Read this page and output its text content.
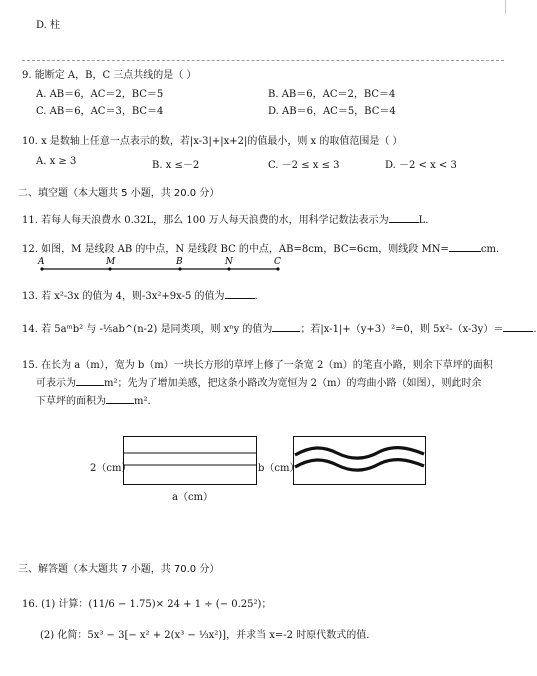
D. 柱
9. 能断定 A，B，C 三点共线的是（ ）
A. AB＝6，AC＝2，BC＝5	B. AB＝6，AC＝2，BC＝4
C. AB＝6，AC＝3，BC＝4	D. AB＝6，AC＝5，BC＝4
10. x 是数轴上任意一点表示的数，若|x-3|+|x+2|的值最小，则 x 的取值范围是（ ）
A. x ≥ 3	B. x ≤－2	C. －2 ≤ x ≤ 3	D. －2 < x < 3
二、填空题（本大题共 5 小题，共 20.0 分）
11. 若每人每天浪费水 0.32L，那么 100 万人每天浪费的水，用科学记数法表示为	L.
12. 如图，M 是线段 AB 的中点，N 是线段 BC 的中点，AB=8cm，BC=6cm，则线段 MN=	cm.
A	M	B	N	C
13. 若 x²-3x 的值为 4，则-3x²+9x-5 的值为	.
14. 若 5aᵐb² 与 -⅕ab^(n-2) 是同类项，则 xⁿy 的值为	；若|x-1|+（y+3）²=0，则 5x²-（x-3y）＝	.
15. 在长为 a（m），宽为 b（m）一块长方形的草坪上修了一条宽 2（m）的笔直小路，则余下草坪的面积
可表示为	m²；先为了增加美感，把这条小路改为宽恒为 2（m）的弯曲小路（如图），则此时余
下草坪的面积为	m².
2（cm）	b（cm）
a（cm）
三、解答题（本大题共 7 小题，共 70.0 分）
16. (1) 计算：(11/6 − 1.75)× 24 + 1 ÷ (− 0.25²)；
(2) 化简：5x³ − 3[− x² + 2(x³ − ⅓x²)]，并求当 x=-2 时原代数式的值.
